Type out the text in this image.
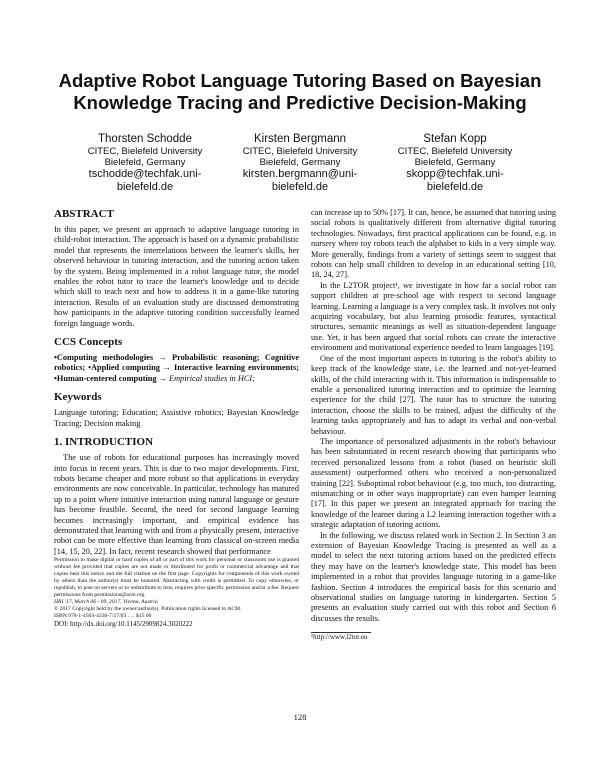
Adaptive Robot Language Tutoring Based on Bayesian Knowledge Tracing and Predictive Decision-Making
Thorsten Schodde
CITEC, Bielefeld University
Bielefeld, Germany
tschodde@techfak.uni-
bielefeld.de
Kirsten Bergmann
CITEC, Bielefeld University
Bielefeld, Germany
kirsten.bergmann@uni-
bielefeld.de
Stefan Kopp
CITEC, Bielefeld University
Bielefeld, Germany
skopp@techfak.uni-
bielefeld.de
ABSTRACT

In this paper, we present an approach to adaptive language tutoring in child-robot interaction. The approach is based on a dynamic probabilistic model that represents the interrelations between the learner's skills, her observed behaviour in tutoring interaction, and the tutoring action taken by the system. Being implemented in a robot language tutor, the model enables the robot tutor to trace the learner's knowledge and to decide which skill to teach next and how to address it in a game-like tutoring interaction. Results of an evaluation study are discussed demonstrating how participants in the adaptive tutoring condition successfully learned foreign language words.

CCS Concepts

•Computing methodologies → Probabilistic reasoning; Cognitive robotics; •Applied computing → Interactive learning environments; •Human-centered computing → Empirical studies in HCI;

Keywords

Language tutoring; Education; Assistive robotics; Bayesian Knowledge Tracing; Decision making

1. INTRODUCTION

The use of robots for educational purposes has increasingly moved into focus in recent years. This is due to two major developments. First, robots became cheaper and more robust so that applications in everyday environments are now conceivable. In particular, technology has matured up to a point where intuitive interaction using natural language or gesture has become feasible. Second, the need for second language learning becomes increasingly important, and empirical evidence has demonstrated that learning with and from a physically present, interactive robot can be more effective than learning from classical on-screen media [14, 15, 20, 22]. In fact, recent research showed that performance

Permission to make digital or hard copies of all or part of this work for personal or classroom use is granted without fee provided that copies are not made or distributed for profit or commercial advantage and that copies bear this notice and the full citation on the first page. Copyrights for components of this work owned by others than the author(s) must be honored. Abstracting with credit is permitted. To copy otherwise, or republish, to post on servers or to redistribute to lists, requires prior specific permission and/or a fee. Request permissions from permissions@acm.org.

HRI '17, March 06 - 09, 2017, Vienna, Austria
© 2017 Copyright held by the owner/author(s). Publication rights licensed to ACM.
ISBN 978-1-4503-4336-7/17/03 . . . $15.00
DOI: http://dx.doi.org/10.1145/2909824.3020222

can increase up to 50% [17]. It can, hence, be assumed that tutoring using social robots is qualitatively different from alternative digital tutoring technologies. Nowadays, first practical applications can be found, e.g. in nursery where toy robots teach the alphabet to kids in a very simple way. More generally, findings from a variety of settings seem to suggest that robots can help small children to develop in an educational setting [10, 18, 24, 27].

In the L2TOR project¹, we investigate in how far a social robot can support children at pre-school age with respect to second language learning. Learning a language is a very complex task. It involves not only acquiring vocabulary, but also learning prosodic features, syntactical structures, semantic meanings as well as situation-dependent language use. Yet, it has been argued that social robots can create the interactive environment and motivational experience needed to learn languages [19].

One of the most important aspects in tutoring is the robot's ability to keep track of the knowledge state, i.e. the learned and not-yet-learned skills, of the child interacting with it. This information is indispensable to enable a personalized tutoring interaction and to optimize the learning experience for the child [27]. The tutor has to structure the tutoring interaction, choose the skills to be trained, adjust the difficulty of the learning tasks appropriately and has to adapt its verbal and non-verbal behaviour.

The importance of personalized adjustments in the robot's behaviour has been substantiated in recent research showing that participants who received personalized lessons from a robot (based on heuristic skill assessment) outperformed others who received a non-personalized training [22]. Suboptimal robot behaviour (e.g. too much, too distracting, mismatching or in other ways inappropriate) can even hamper learning [17]. In this paper we present an integrated approach for tracing the knowledge of the learner during a L2 learning interaction together with a strategic adaptation of tutoring actions.

In the following, we discuss related work in Section 2. In Section 3 an extension of Bayesian Knowledge Tracing is presented as well as a model to select the next tutoring actions based on the predicted effects they may have on the learner's knowledge state. This model has been implemented in a robot that provides language tutoring in a game-like fashion. Section 4 introduces the empirical basis for this scenario and observational studies on language tutoring in kindergarten. Section 5 presents an evaluation study carried out with this robot and Section 6 discusses the results.

¹http://www.l2tor.eu
128
